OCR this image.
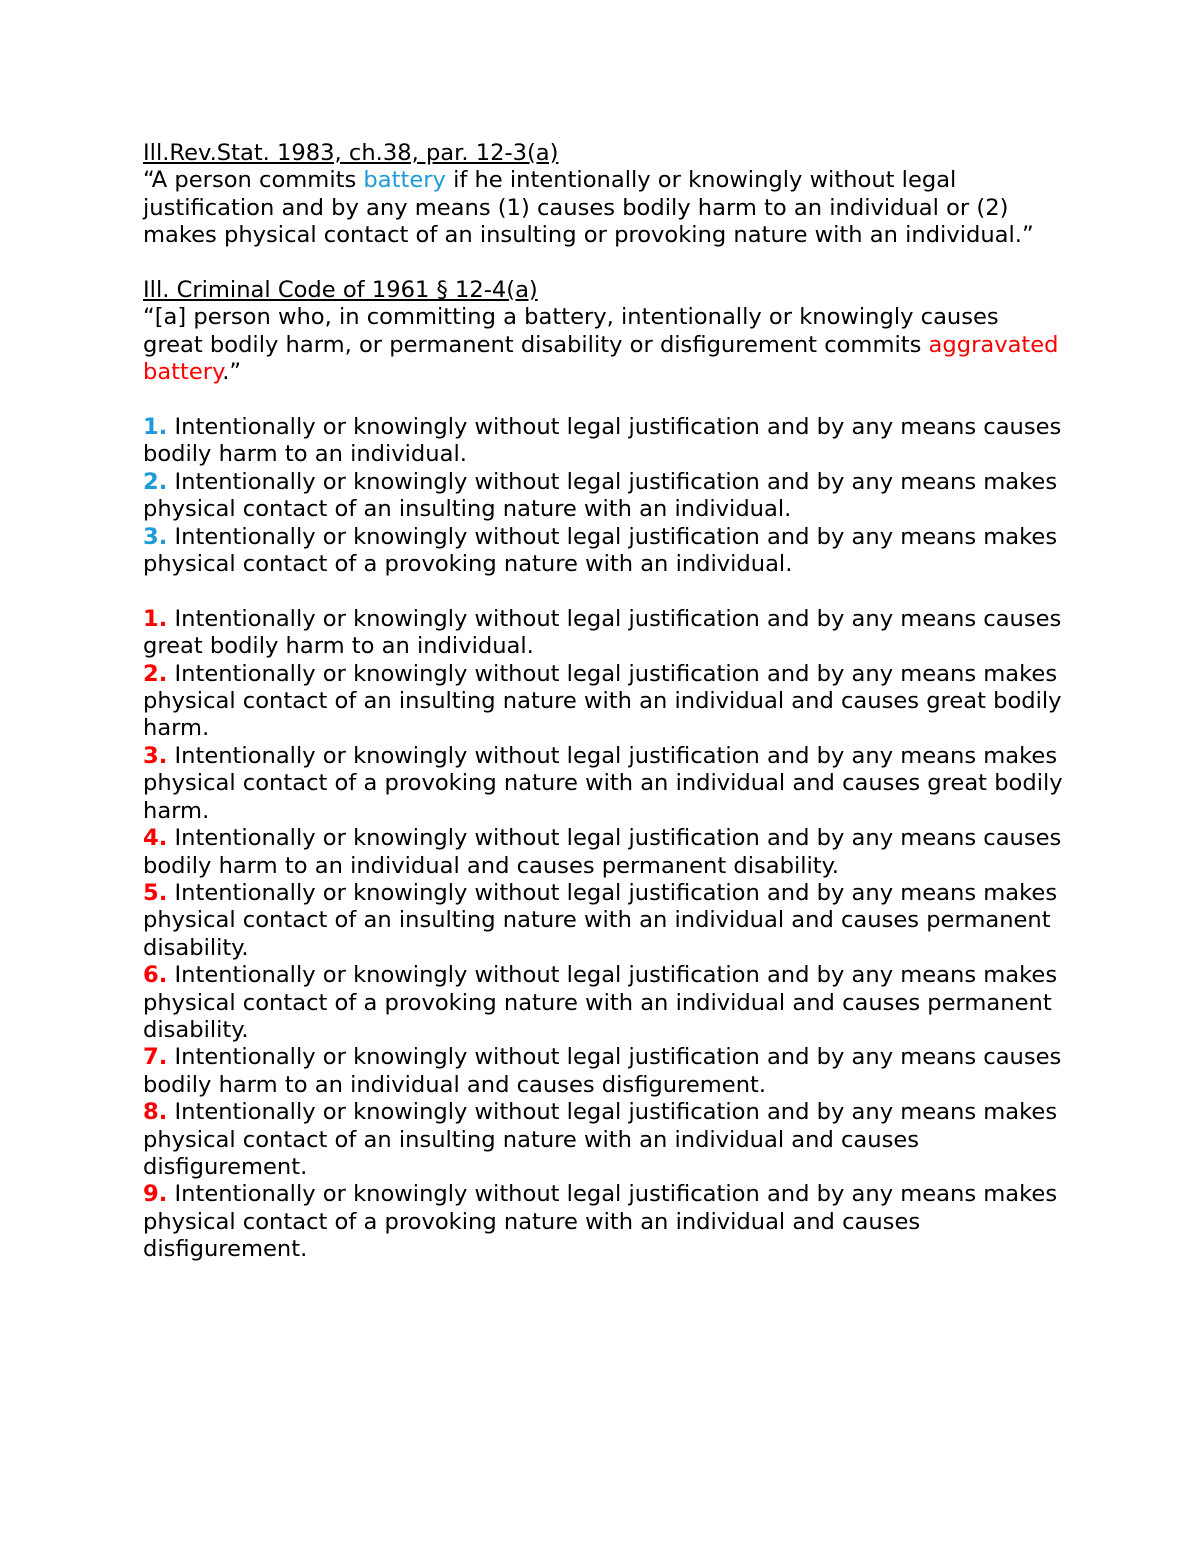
Ill.Rev.Stat. 1983, ch.38, par. 12-3(a)

“A person commits battery if he intentionally or knowingly without legal justification and by any means (1) causes bodily harm to an individual or (2) makes physical contact of an insulting or provoking nature with an individual.”

Ill. Criminal Code of 1961 § 12-4(a)

“[a] person who, in committing a battery, intentionally or knowingly causes great bodily harm, or permanent disability or disfigurement commits aggravated battery.”

1. Intentionally or knowingly without legal justification and by any means causes bodily harm to an individual.

2. Intentionally or knowingly without legal justification and by any means makes physical contact of an insulting nature with an individual.

3. Intentionally or knowingly without legal justification and by any means makes physical contact of a provoking nature with an individual.

1. Intentionally or knowingly without legal justification and by any means causes great bodily harm to an individual.

2. Intentionally or knowingly without legal justification and by any means makes physical contact of an insulting nature with an individual and causes great bodily harm.

3. Intentionally or knowingly without legal justification and by any means makes physical contact of a provoking nature with an individual and causes great bodily harm.

4. Intentionally or knowingly without legal justification and by any means causes bodily harm to an individual and causes permanent disability.

5. Intentionally or knowingly without legal justification and by any means makes physical contact of an insulting nature with an individual and causes permanent disability.

6. Intentionally or knowingly without legal justification and by any means makes physical contact of a provoking nature with an individual and causes permanent disability.

7. Intentionally or knowingly without legal justification and by any means causes bodily harm to an individual and causes disfigurement.

8. Intentionally or knowingly without legal justification and by any means makes physical contact of an insulting nature with an individual and causes disfigurement.

9. Intentionally or knowingly without legal justification and by any means makes physical contact of a provoking nature with an individual and causes disfigurement.
